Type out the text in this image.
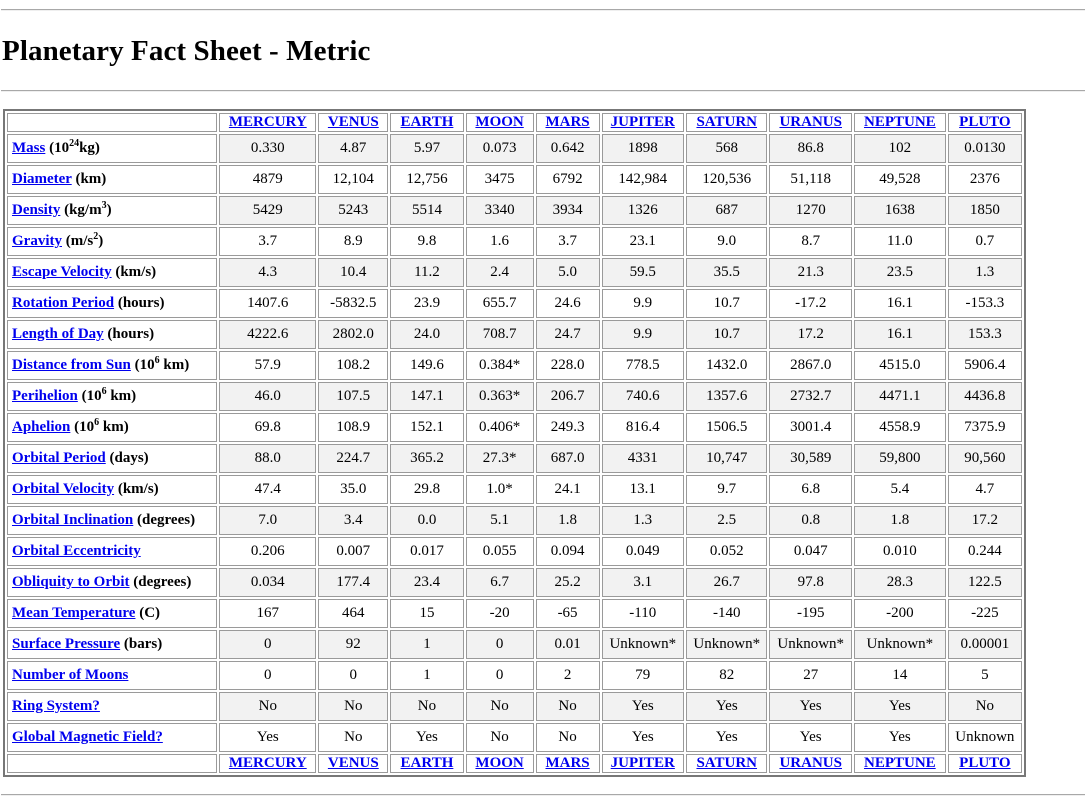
Planetary Fact Sheet - Metric
	MERCURY	VENUS	EARTH	MOON	MARS	JUPITER	SATURN	URANUS	NEPTUNE	PLUTO
Mass $(10^{24}kg)$	0.330	4.87	5.97	0.073	0.642	1898	568	86.8	102	0.0130
Diameter (km)	4879	12,104	12,756	3475	6792	142,984	120,536	51,118	49,528	2376
Density $(kg/m^3)$	5429	5243	5514	3340	3934	1326	687	1270	1638	1850
Gravity $(m/s^2)$	3.7	8.9	9.8	1.6	3.7	23.1	9.0	8.7	11.0	0.7
Escape Velocity (km/s)	4.3	10.4	11.2	2.4	5.0	59.5	35.5	21.3	23.5	1.3
Rotation Period (hours)	1407.6	-5832.5	23.9	655.7	24.6	9.9	10.7	-17.2	16.1	-153.3
Length of Day (hours)	4222.6	2802.0	24.0	708.7	24.7	9.9	10.7	17.2	16.1	153.3
Distance from Sun ($10^6$ km)	57.9	108.2	149.6	0.384*	228.0	778.5	1432.0	2867.0	4515.0	5906.4
Perihelion ($10^6$ km)	46.0	107.5	147.1	0.363*	206.7	740.6	1357.6	2732.7	4471.1	4436.8
Aphelion ($10^6$ km)	69.8	108.9	152.1	0.406*	249.3	816.4	1506.5	3001.4	4558.9	7375.9
Orbital Period (days)	88.0	224.7	365.2	27.3*	687.0	4331	10,747	30,589	59,800	90,560
Orbital Velocity (km/s)	47.4	35.0	29.8	1.0*	24.1	13.1	9.7	6.8	5.4	4.7
Orbital Inclination (degrees)	7.0	3.4	0.0	5.1	1.8	1.3	2.5	0.8	1.8	17.2
Orbital Eccentricity	0.206	0.007	0.017	0.055	0.094	0.049	0.052	0.047	0.010	0.244
Obliquity to Orbit (degrees)	0.034	177.4	23.4	6.7	25.2	3.1	26.7	97.8	28.3	122.5
Mean Temperature (C)	167	464	15	-20	-65	-110	-140	-195	-200	-225
Surface Pressure (bars)	0	92	1	0	0.01	Unknown*	Unknown*	Unknown*	Unknown*	0.00001
Number of Moons	0	0	1	0	2	79	82	27	14	5
Ring System?	No	No	No	No	No	Yes	Yes	Yes	Yes	No
Global Magnetic Field?	Yes	No	Yes	No	No	Yes	Yes	Yes	Yes	Unknown
	MERCURY	VENUS	EARTH	MOON	MARS	JUPITER	SATURN	URANUS	NEPTUNE	PLUTO
